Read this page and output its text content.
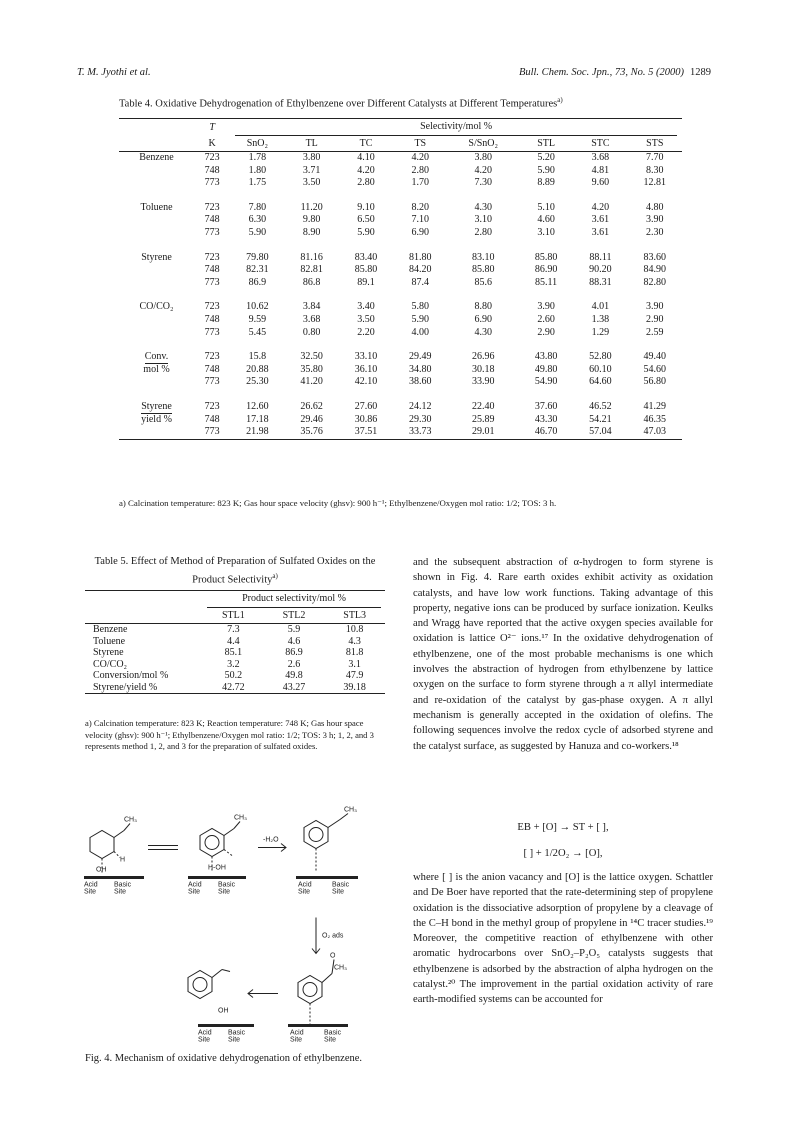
T. M. Jyothi et al.	Bull. Chem. Soc. Jpn., 73, No. 5 (2000) 1289
Table 4. Oxidative Dehydrogenation of Ethylbenzene over Different Catalysts at Different Temperatures$^{a)}$
	T	Selectivity/mol %							
	K	SnO₂	TL	TC	TS	S/SnO₂	STL	STC	STS
Benzene	723	1.78	3.80	4.10	4.20	3.80	5.20	3.68	7.70
	748	1.80	3.71	4.20	2.80	4.20	5.90	4.81	8.30
	773	1.75	3.50	2.80	1.70	7.30	8.89	9.60	12.81

Toluene	723	7.80	11.20	9.10	8.20	4.30	5.10	4.20	4.80
	748	6.30	9.80	6.50	7.10	3.10	4.60	3.61	3.90
	773	5.90	8.90	5.90	6.90	2.80	3.10	3.61	2.30

Styrene	723	79.80	81.16	83.40	81.80	83.10	85.80	88.11	83.60
	748	82.31	82.81	85.80	84.20	85.80	86.90	90.20	84.90
	773	86.9	86.8	89.1	87.4	85.6	85.11	88.31	82.80

CO/CO₂	723	10.62	3.84	3.40	5.80	8.80	3.90	4.01	3.90
	748	9.59	3.68	3.50	5.90	6.90	2.60	1.38	2.90
	773	5.45	0.80	2.20	4.00	4.30	2.90	1.29	2.59

Conv.	723	15.8	32.50	33.10	29.49	26.96	43.80	52.80	49.40
mol %	748	20.88	35.80	36.10	34.80	30.18	49.80	60.10	54.60
	773	25.30	41.20	42.10	38.60	33.90	54.90	64.60	56.80

Styrene	723	12.60	26.62	27.60	24.12	22.40	37.60	46.52	41.29
yield %	748	17.18	29.46	30.86	29.30	25.89	43.30	54.21	46.35
	773	21.98	35.76	37.51	33.73	29.01	46.70	57.04	47.03
a) Calcination temperature: 823 K; Gas hour space velocity (ghsv): 900 h⁻¹; Ethylbenzene/Oxygen mol ratio: 1/2; TOS: 3 h.
Table 5. Effect of Method of Preparation of Sulfated Oxides on the Product Selectivity$^{a)}$
	Product selectivity/mol %		
	STL1	STL2	STL3
Benzene	7.3	5.9	10.8
Toluene	4.4	4.6	4.3
Styrene	85.1	86.9	81.8
CO/CO₂	3.2	2.6	3.1
Conversion/mol %	50.2	49.8	47.9
Styrene/yield %	42.72	43.27	39.18
a) Calcination temperature: 823 K; Reaction temperature: 748 K; Gas hour space velocity (ghsv): 900 h⁻¹; Ethylbenzene/Oxygen mol ratio: 1/2; TOS: 3 h; 1, 2, and 3 represents method 1, 2, and 3 for the preparation of sulfated oxides.
CH₃
H
OH
CH₃
H-OH
-H₂O
CH₃
O₂ ads
O
CH₃
OH
Acid
Site
Basic
Site
Acid
Site
Basic
Site
Acid
Site
Basic
Site
Acid
Site
Basic
Site
Acid
Site
Basic
Site
Fig. 4. Mechanism of oxidative dehydrogenation of ethylbenzene.

and the subsequent abstraction of α-hydrogen to form styrene is shown in Fig. 4. Rare earth oxides exhibit activity as oxidation catalysts, and have low work functions. Taking advantage of this property, negative ions can be produced by surface ionization. Keulks and Wragg have reported that the active oxygen species available for oxidation is lattice O²⁻ ions.¹⁷ In the oxidative dehydrogenation of ethylbenzene, one of the most probable mechanisms is one which involves the abstraction of hydrogen from ethylbenzene by lattice oxygen on the surface to form styrene through a π allyl intermediate and re-oxidation of the catalyst by gas-phase oxygen. A π allyl mechanism is generally accepted in the oxidation of olefins. The following sequences involve the redox cycle of adsorbed styrene and the catalyst surface, as suggested by Hanuza and co-workers.¹⁸

EB + [O] → ST + [ ],
[ ] + 1/2O₂ → [O],

where [ ] is the anion vacancy and [O] is the lattice oxygen. Schattler and De Boer have reported that the rate-determining step of propylene oxidation is the dissociative adsorption of propylene by a cleavage of the C–H bond in the methyl group of propylene in ¹⁴C tracer studies.¹⁹ Moreover, the competitive reaction of ethylbenzene with other aromatic hydrocarbons over SnO₂–P₂O₅ catalysts suggests that ethylbenzene is adsorbed by the abstraction of alpha hydrogen on the catalyst.²⁰ The improvement in the partial oxidation activity of rare earth-modified systems can be accounted for
